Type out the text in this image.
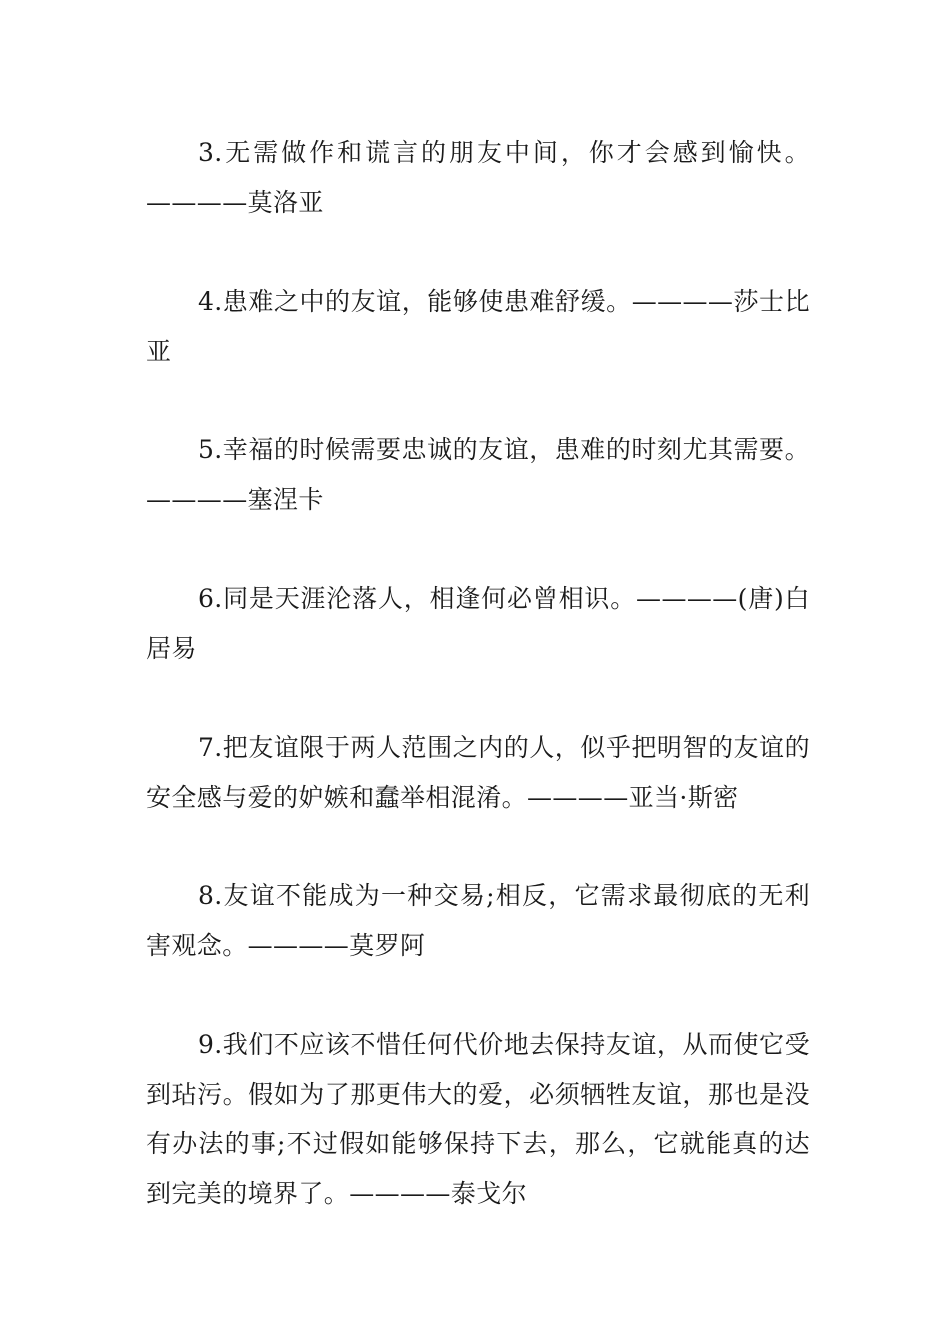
3.无需做作和谎言的朋友中间，你才会感到愉快。————莫洛亚

4.患难之中的友谊，能够使患难舒缓。————莎士比亚

5.幸福的时候需要忠诚的友谊，患难的时刻尤其需要。————塞涅卡

6.同是天涯沦落人，相逢何必曾相识。————(唐)白居易

7.把友谊限于两人范围之内的人，似乎把明智的友谊的安全感与爱的妒嫉和蠢举相混淆。————亚当·斯密

8.友谊不能成为一种交易;相反，它需求最彻底的无利害观念。————莫罗阿

9.我们不应该不惜任何代价地去保持友谊，从而使它受到玷污。假如为了那更伟大的爱，必须牺牲友谊，那也是没有办法的事;不过假如能够保持下去，那么，它就能真的达到完美的境界了。————泰戈尔
